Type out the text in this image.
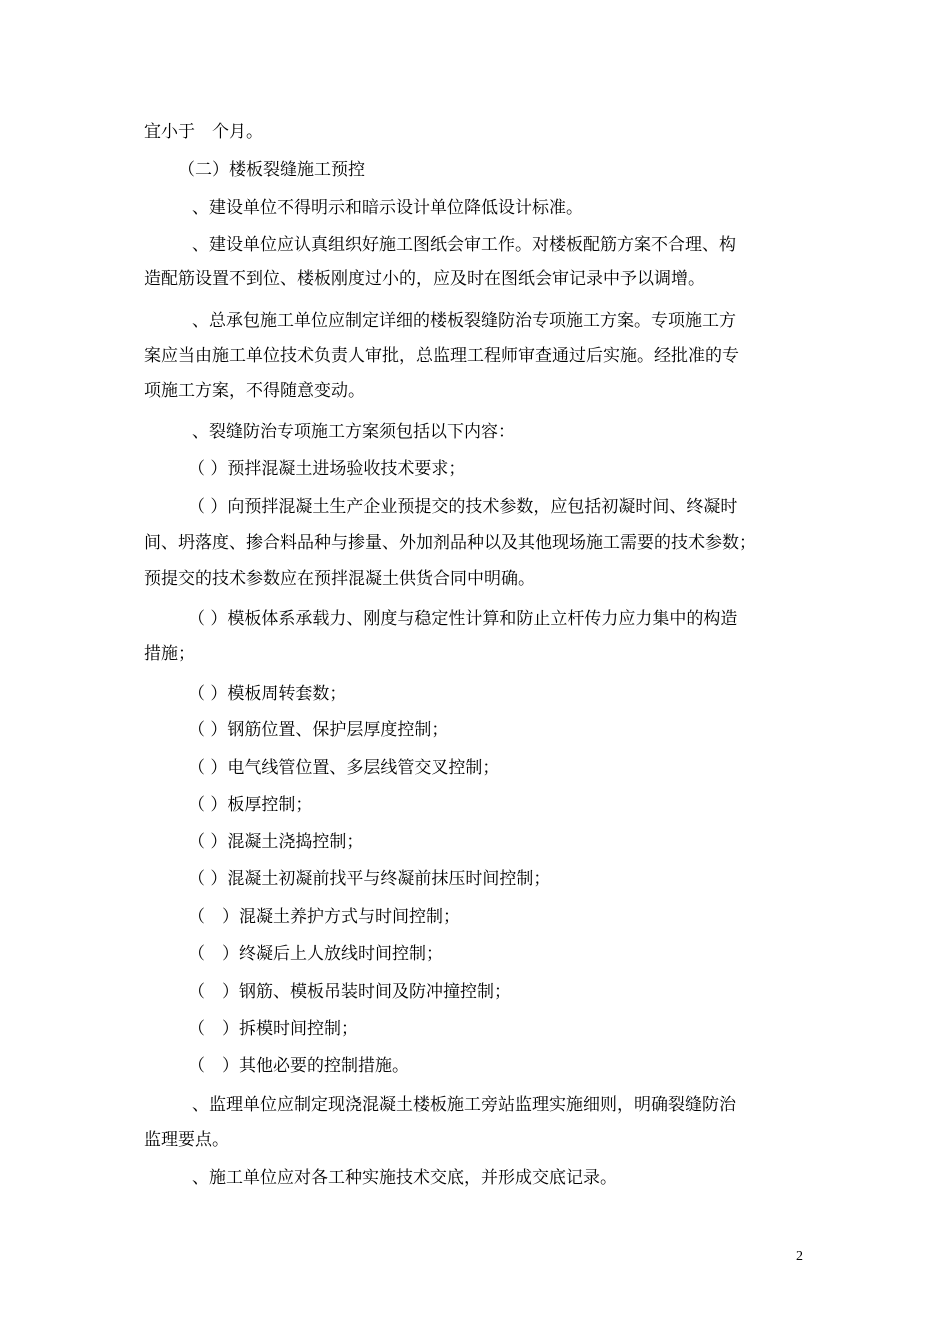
宜小于　个月。
（二）楼板裂缝施工预控
、建设单位不得明示和暗示设计单位降低设计标准。
、建设单位应认真组织好施工图纸会审工作。对楼板配筋方案不合理、构
造配筋设置不到位、楼板刚度过小的，应及时在图纸会审记录中予以调增。
、总承包施工单位应制定详细的楼板裂缝防治专项施工方案。专项施工方
案应当由施工单位技术负责人审批，总监理工程师审查通过后实施。经批准的专
项施工方案，不得随意变动。
、裂缝防治专项施工方案须包括以下内容：
（ ）预拌混凝土进场验收技术要求；
（ ）向预拌混凝土生产企业预提交的技术参数，应包括初凝时间、终凝时
间、坍落度、掺合料品种与掺量、外加剂品种以及其他现场施工需要的技术参数；
预提交的技术参数应在预拌混凝土供货合同中明确。
（ ）模板体系承载力、刚度与稳定性计算和防止立杆传力应力集中的构造
措施；
（ ）模板周转套数；
（ ）钢筋位置、保护层厚度控制；
（ ）电气线管位置、多层线管交叉控制；
（ ）板厚控制；
（ ）混凝土浇捣控制；
（ ）混凝土初凝前找平与终凝前抹压时间控制；
（　）混凝土养护方式与时间控制；
（　）终凝后上人放线时间控制；
（　）钢筋、模板吊装时间及防冲撞控制；
（　）拆模时间控制；
（　）其他必要的控制措施。
、监理单位应制定现浇混凝土楼板施工旁站监理实施细则，明确裂缝防治
监理要点。
、施工单位应对各工种实施技术交底，并形成交底记录。
2
